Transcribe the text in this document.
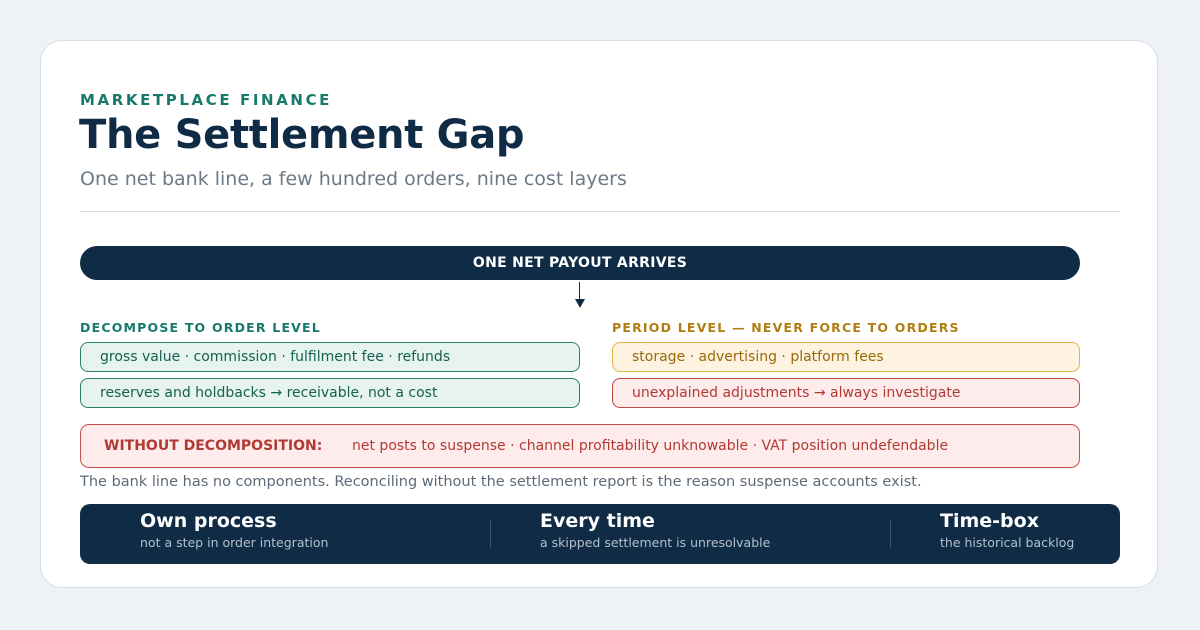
MARKETPLACE FINANCE
The Settlement Gap
One net bank line, a few hundred orders, nine cost layers
ONE NET PAYOUT ARRIVES
DECOMPOSE TO ORDER LEVEL	PERIOD LEVEL — NEVER FORCE TO ORDERS
gross value · commission · fulfilment fee · refunds
reserves and holdbacks → receivable, not a cost
storage · advertising · platform fees
unexplained adjustments → always investigate
WITHOUT DECOMPOSITION: net posts to suspense · channel profitability unknowable · VAT position undefendable
The bank line has no components. Reconciling without the settlement report is the reason suspense accounts exist.
Own process
not a step in order integration
Every time
a skipped settlement is unresolvable
Time-box
the historical backlog
